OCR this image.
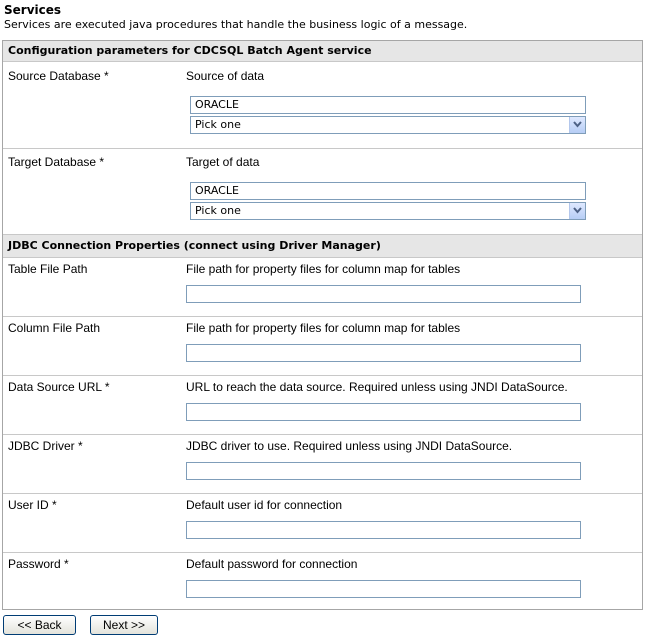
Services
Services are executed java procedures that handle the business logic of a message.
Configuration parameters for CDCSQL Batch Agent service
Source Database *	Source of data
ORACLE
Pick one
Target Database *	Target of data
ORACLE
Pick one
JDBC Connection Properties (connect using Driver Manager)
Table File Path	File path for property files for column map for tables
Column File Path	File path for property files for column map for tables
Data Source URL *	URL to reach the data source. Required unless using JNDI DataSource.
JDBC Driver *	JDBC driver to use. Required unless using JNDI DataSource.
User ID *	Default user id for connection
Password *	Default password for connection
<< Back	Next >>
